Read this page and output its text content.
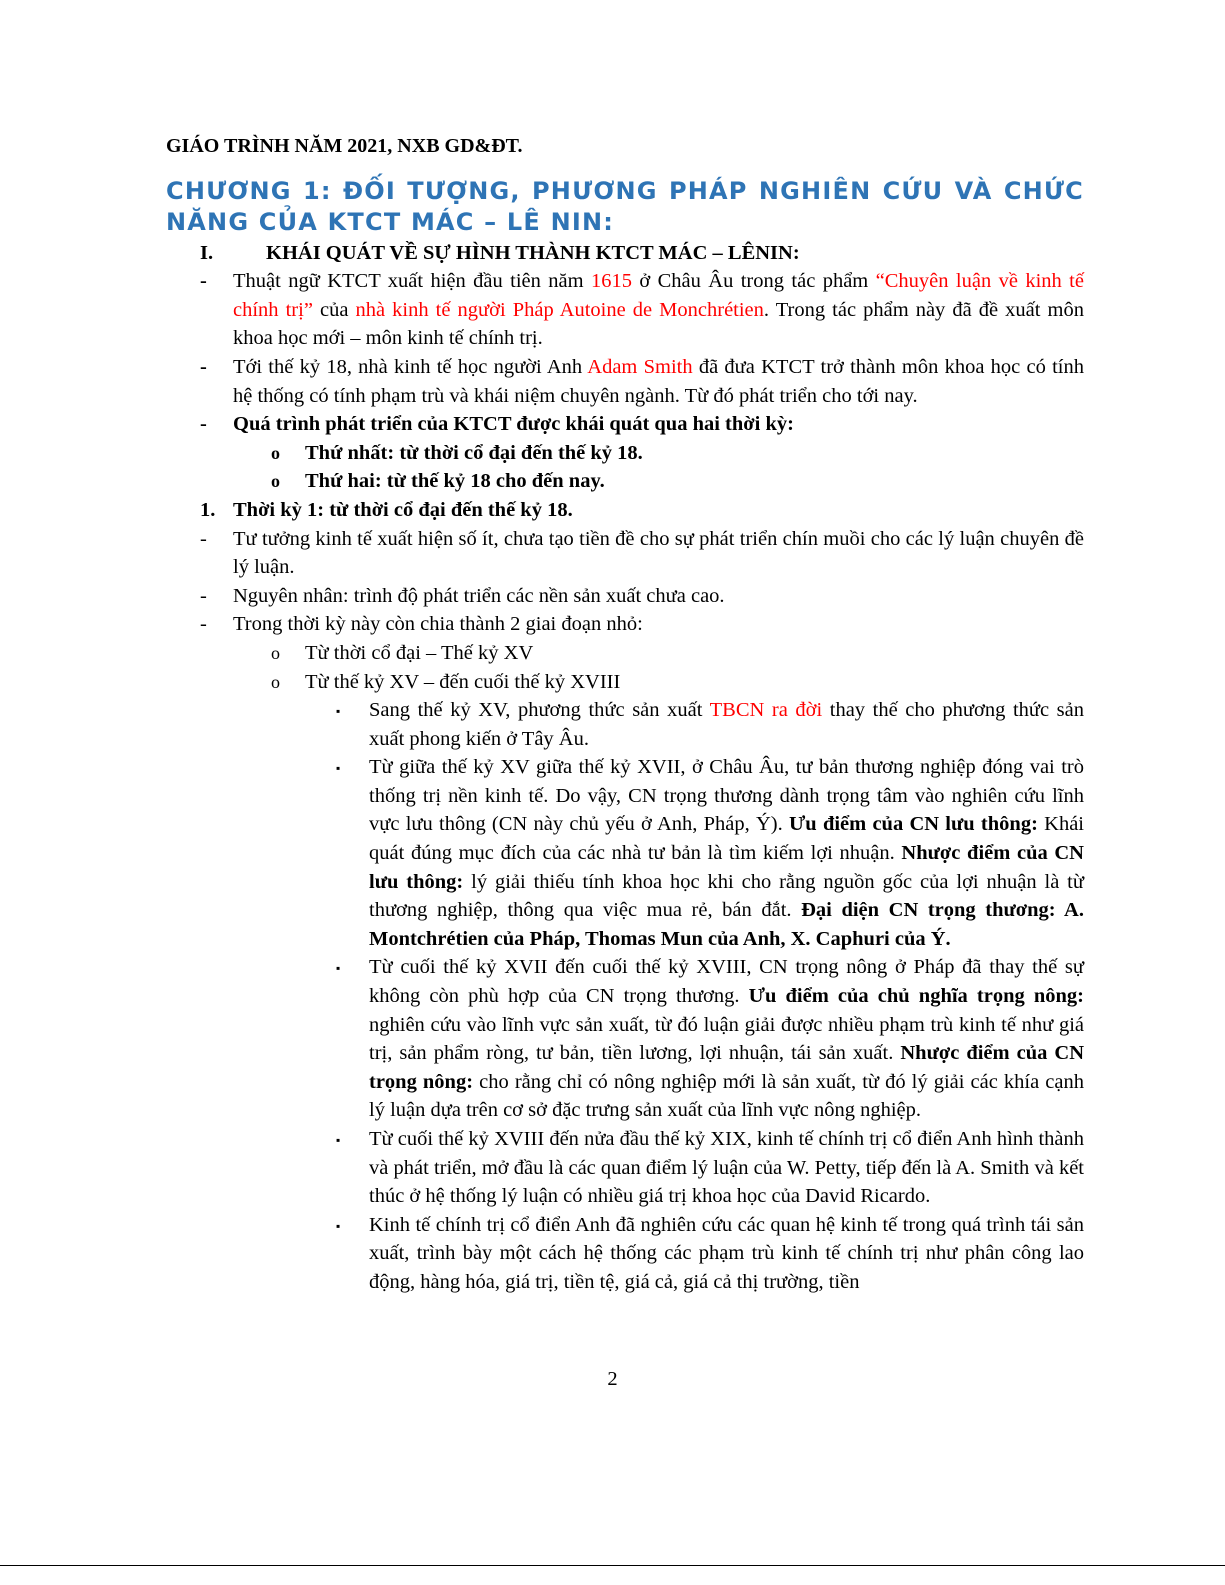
GIÁO TRÌNH NĂM 2021, NXB GD&ĐT.
CHƯƠNG 1: ĐỐI TƯỢNG, PHƯƠNG PHÁP NGHIÊN CỨU VÀ CHỨC NĂNG CỦA KTCT MÁC – LÊ NIN:
I.	KHÁI QUÁT VỀ SỰ HÌNH THÀNH KTCT MÁC – LÊNIN:
-	Thuật ngữ KTCT xuất hiện đầu tiên năm 1615 ở Châu Âu trong tác phẩm “Chuyên luận về kinh tế chính trị” của nhà kinh tế người Pháp Autoine de Monchrétien. Trong tác phẩm này đã đề xuất môn khoa học mới – môn kinh tế chính trị.
-	Tới thế kỷ 18, nhà kinh tế học người Anh Adam Smith đã đưa KTCT trở thành môn khoa học có tính hệ thống có tính phạm trù và khái niệm chuyên ngành. Từ đó phát triển cho tới nay.
-	Quá trình phát triển của KTCT được khái quát qua hai thời kỳ:
o	Thứ nhất: từ thời cổ đại đến thế kỷ 18.
o	Thứ hai: từ thế kỷ 18 cho đến nay.
1. Thời kỳ 1: từ thời cổ đại đến thế kỷ 18.
-	Tư tưởng kinh tế xuất hiện số ít, chưa tạo tiền đề cho sự phát triển chín muồi cho các lý luận chuyên đề lý luận.
-	Nguyên nhân: trình độ phát triển các nền sản xuất chưa cao.
-	Trong thời kỳ này còn chia thành 2 giai đoạn nhỏ:
o	Từ thời cổ đại – Thế kỷ XV
o	Từ thế kỷ XV – đến cuối thế kỷ XVIII
▪	Sang thế kỷ XV, phương thức sản xuất TBCN ra đời thay thế cho phương thức sản xuất phong kiến ở Tây Âu.
▪	Từ giữa thế kỷ XV giữa thế kỷ XVII, ở Châu Âu, tư bản thương nghiệp đóng vai trò thống trị nền kinh tế. Do vậy, CN trọng thương dành trọng tâm vào nghiên cứu lĩnh vực lưu thông (CN này chủ yếu ở Anh, Pháp, Ý). Ưu điểm của CN lưu thông: Khái quát đúng mục đích của các nhà tư bản là tìm kiếm lợi nhuận. Nhược điểm của CN lưu thông: lý giải thiếu tính khoa học khi cho rằng nguồn gốc của lợi nhuận là từ thương nghiệp, thông qua việc mua rẻ, bán đắt. Đại diện CN trọng thương: A. Montchrétien của Pháp, Thomas Mun của Anh, X. Caphuri của Ý.
▪	Từ cuối thế kỷ XVII đến cuối thế kỷ XVIII, CN trọng nông ở Pháp đã thay thế sự không còn phù hợp của CN trọng thương. Ưu điểm của chủ nghĩa trọng nông: nghiên cứu vào lĩnh vực sản xuất, từ đó luận giải được nhiều phạm trù kinh tế như giá trị, sản phẩm ròng, tư bản, tiền lương, lợi nhuận, tái sản xuất. Nhược điểm của CN trọng nông: cho rằng chỉ có nông nghiệp mới là sản xuất, từ đó lý giải các khía cạnh lý luận dựa trên cơ sở đặc trưng sản xuất của lĩnh vực nông nghiệp.
▪	Từ cuối thế kỷ XVIII đến nửa đầu thế kỷ XIX, kinh tế chính trị cổ điển Anh hình thành và phát triển, mở đầu là các quan điểm lý luận của W. Petty, tiếp đến là A. Smith và kết thúc ở hệ thống lý luận có nhiều giá trị khoa học của David Ricardo.
▪	Kinh tế chính trị cổ điển Anh đã nghiên cứu các quan hệ kinh tế trong quá trình tái sản xuất, trình bày một cách hệ thống các phạm trù kinh tế chính trị như phân công lao động, hàng hóa, giá trị, tiền tệ, giá cả, giá cả thị trường, tiền
2
